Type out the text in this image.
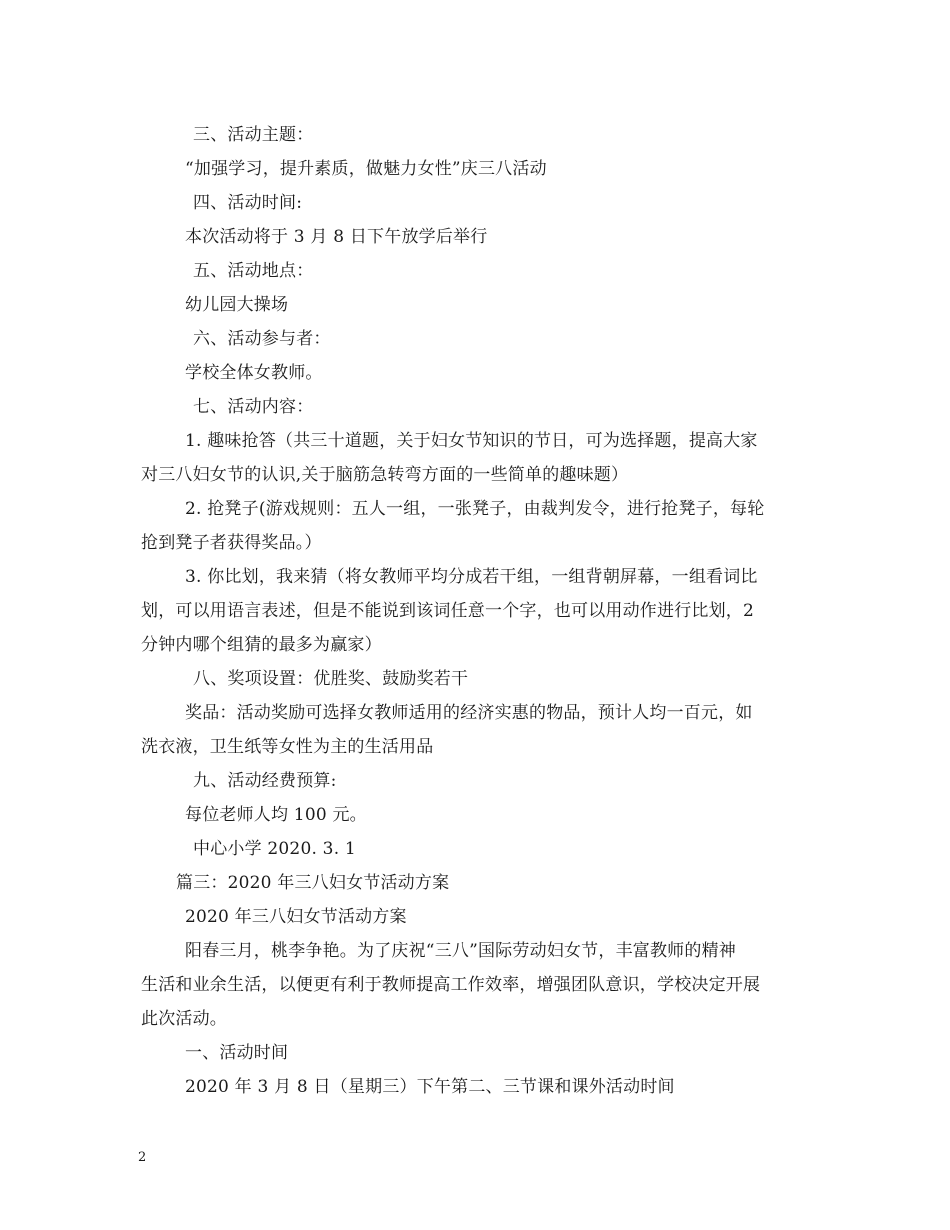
三、活动主题：
“加强学习，提升素质，做魅力女性”庆三八活动
四、活动时间:
本次活动将于 3 月 8 日下午放学后举行
五、活动地点：
幼儿园大操场
六、活动参与者：
学校全体女教师。
七、活动内容：
1. 趣味抢答（共三十道题，关于妇女节知识的节日，可为选择题，提高大家
对三八妇女节的认识,关于脑筋急转弯方面的一些简单的趣味题）
2. 抢凳子(游戏规则：五人一组，一张凳子，由裁判发令，进行抢凳子，每轮
抢到凳子者获得奖品。）
3. 你比划，我来猜（将女教师平均分成若干组，一组背朝屏幕，一组看词比
划，可以用语言表述，但是不能说到该词任意一个字，也可以用动作进行比划，2
分钟内哪个组猜的最多为赢家）
八、奖项设置：优胜奖、鼓励奖若干
奖品：活动奖励可选择女教师适用的经济实惠的物品，预计人均一百元，如
洗衣液，卫生纸等女性为主的生活用品
九、活动经费预算:
每位老师人均 100 元。
中心小学 2020. 3. 1
篇三：2020 年三八妇女节活动方案
2020 年三八妇女节活动方案
阳春三月，桃李争艳。为了庆祝“三八”国际劳动妇女节，丰富教师的精神
生活和业余生活，以便更有利于教师提高工作效率，增强团队意识，学校决定开展
此次活动。
一、活动时间
2020 年 3 月 8 日（星期三）下午第二、三节课和课外活动时间
2
